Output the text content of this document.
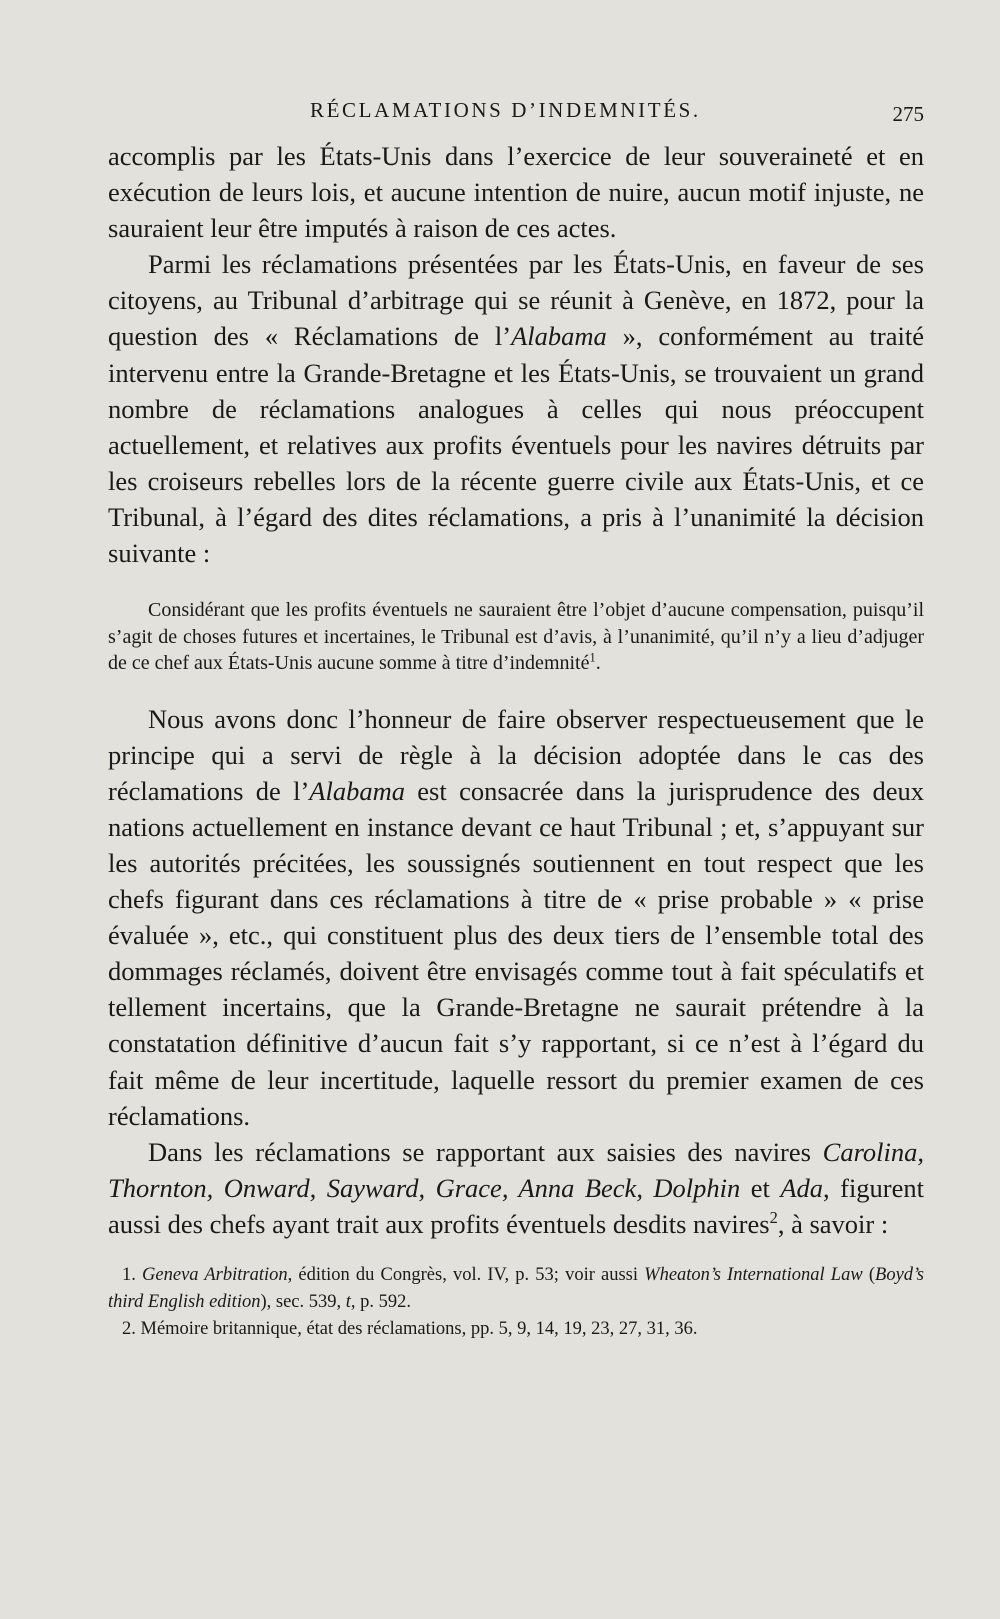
RÉCLAMATIONS D’INDEMNITÉS.	275

accomplis par les États-Unis dans l’exercice de leur souveraineté et en exécution de leurs lois, et aucune intention de nuire, aucun motif injuste, ne sauraient leur être imputés à raison de ces actes.

Parmi les réclamations présentées par les États-Unis, en faveur de ses citoyens, au Tribunal d’arbitrage qui se réunit à Genève, en 1872, pour la question des « Réclamations de l’Alabama », conformément au traité intervenu entre la Grande-Bretagne et les États-Unis, se trouvaient un grand nombre de réclamations analogues à celles qui nous préoccupent actuellement, et relatives aux profits éventuels pour les navires détruits par les croiseurs rebelles lors de la récente guerre civile aux États-Unis, et ce Tribunal, à l’égard des dites réclamations, a pris à l’unanimité la décision suivante :

Considérant que les profits éventuels ne sauraient être l’objet d’aucune compensation, puisqu’il s’agit de choses futures et incertaines, le Tribunal est d’avis, à l’unanimité, qu’il n’y a lieu d’adjuger de ce chef aux États-Unis aucune somme à titre d’indemnité$^1$.

Nous avons donc l’honneur de faire observer respectueusement que le principe qui a servi de règle à la décision adoptée dans le cas des réclamations de l’Alabama est consacrée dans la jurisprudence des deux nations actuellement en instance devant ce haut Tribunal ; et, s’appuyant sur les autorités précitées, les soussignés soutiennent en tout respect que les chefs figurant dans ces réclamations à titre de « prise probable » « prise évaluée », etc., qui constituent plus des deux tiers de l’ensemble total des dommages réclamés, doivent être envisagés comme tout à fait spéculatifs et tellement incertains, que la Grande-Bretagne ne saurait prétendre à la constatation définitive d’aucun fait s’y rapportant, si ce n’est à l’égard du fait même de leur incertitude, laquelle ressort du premier examen de ces réclamations.

Dans les réclamations se rapportant aux saisies des navires Carolina, Thornton, Onward, Sayward, Grace, Anna Beck, Dolphin et Ada, figurent aussi des chefs ayant trait aux profits éventuels desdits navires$^2$, à savoir :

1. Geneva Arbitration, édition du Congrès, vol. IV, p. 53; voir aussi Wheaton’s International Law (Boyd’s third English edition), sec. 539, t, p. 592.

2. Mémoire britannique, état des réclamations, pp. 5, 9, 14, 19, 23, 27, 31, 36.
